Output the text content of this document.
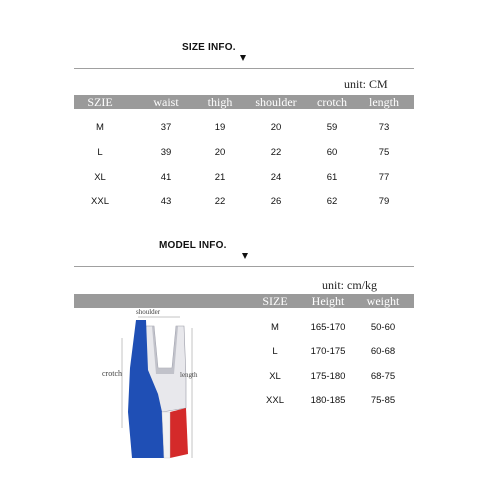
SIZE INFO.
unit: CM
SZIE	waist	thigh	shoulder	crotch	length
M	37	19	20	59	73
L	39	20	22	60	75
XL	41	21	24	61	77
XXL	43	22	26	62	79
MODEL INFO.
unit: cm/kg
SIZE	Height	weight
M	165-170	50-60
L	170-175	60-68
XL	175-180	68-75
XXL	180-185	75-85
shoulder
crotch	length
